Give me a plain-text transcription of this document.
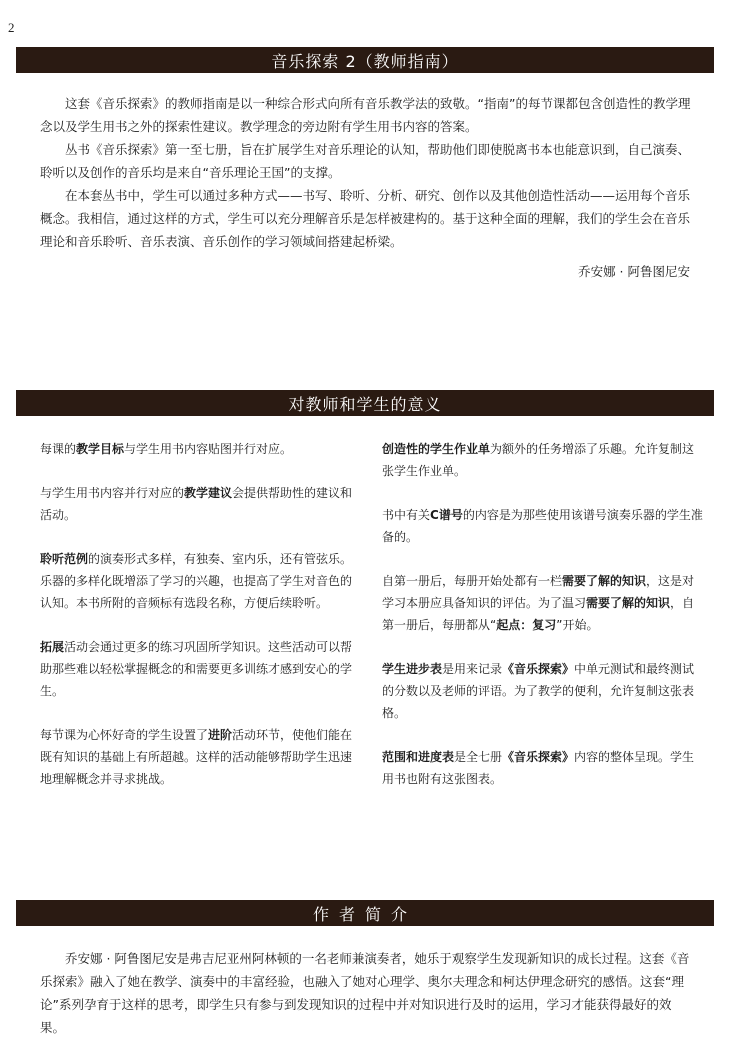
2
音乐探索 2（教师指南）

这套《音乐探索》的教师指南是以一种综合形式向所有音乐教学法的致敬。“指南”的每节课都包含创造性的教学理念以及学生用书之外的探索性建议。教学理念的旁边附有学生用书内容的答案。

丛书《音乐探索》第一至七册，旨在扩展学生对音乐理论的认知，帮助他们即使脱离书本也能意识到，自己演奏、聆听以及创作的音乐均是来自“音乐理论王国”的支撑。

在本套丛书中，学生可以通过多种方式——书写、聆听、分析、研究、创作以及其他创造性活动——运用每个音乐概念。我相信，通过这样的方式，学生可以充分理解音乐是怎样被建构的。基于这种全面的理解，我们的学生会在音乐理论和音乐聆听、音乐表演、音乐创作的学习领域间搭建起桥梁。

乔安娜 · 阿鲁图尼安
对教师和学生的意义

每课的教学目标与学生用书内容贴图并行对应。

与学生用书内容并行对应的教学建议会提供帮助性的建议和活动。

聆听范例的演奏形式多样，有独奏、室内乐，还有管弦乐。乐器的多样化既增添了学习的兴趣，也提高了学生对音色的认知。本书所附的音频标有选段名称，方便后续聆听。

拓展活动会通过更多的练习巩固所学知识。这些活动可以帮助那些难以轻松掌握概念的和需要更多训练才感到安心的学生。

每节课为心怀好奇的学生设置了进阶活动环节，使他们能在既有知识的基础上有所超越。这样的活动能够帮助学生迅速地理解概念并寻求挑战。

创造性的学生作业单为额外的任务增添了乐趣。允许复制这张学生作业单。

书中有关C谱号的内容是为那些使用该谱号演奏乐器的学生准备的。

自第一册后，每册开始处都有一栏需要了解的知识，这是对学习本册应具备知识的评估。为了温习需要了解的知识，自第一册后，每册都从“起点：复习”开始。

学生进步表是用来记录《音乐探索》中单元测试和最终测试的分数以及老师的评语。为了教学的便利，允许复制这张表格。

范围和进度表是全七册《音乐探索》内容的整体呈现。学生用书也附有这张图表。

作者简介

乔安娜 · 阿鲁图尼安是弗吉尼亚州阿林顿的一名老师兼演奏者，她乐于观察学生发现新知识的成长过程。这套《音乐探索》融入了她在教学、演奏中的丰富经验，也融入了她对心理学、奥尔夫理念和柯达伊理念研究的感悟。这套“理论”系列孕育于这样的思考，即学生只有参与到发现知识的过程中并对知识进行及时的运用，学习才能获得最好的效果。
